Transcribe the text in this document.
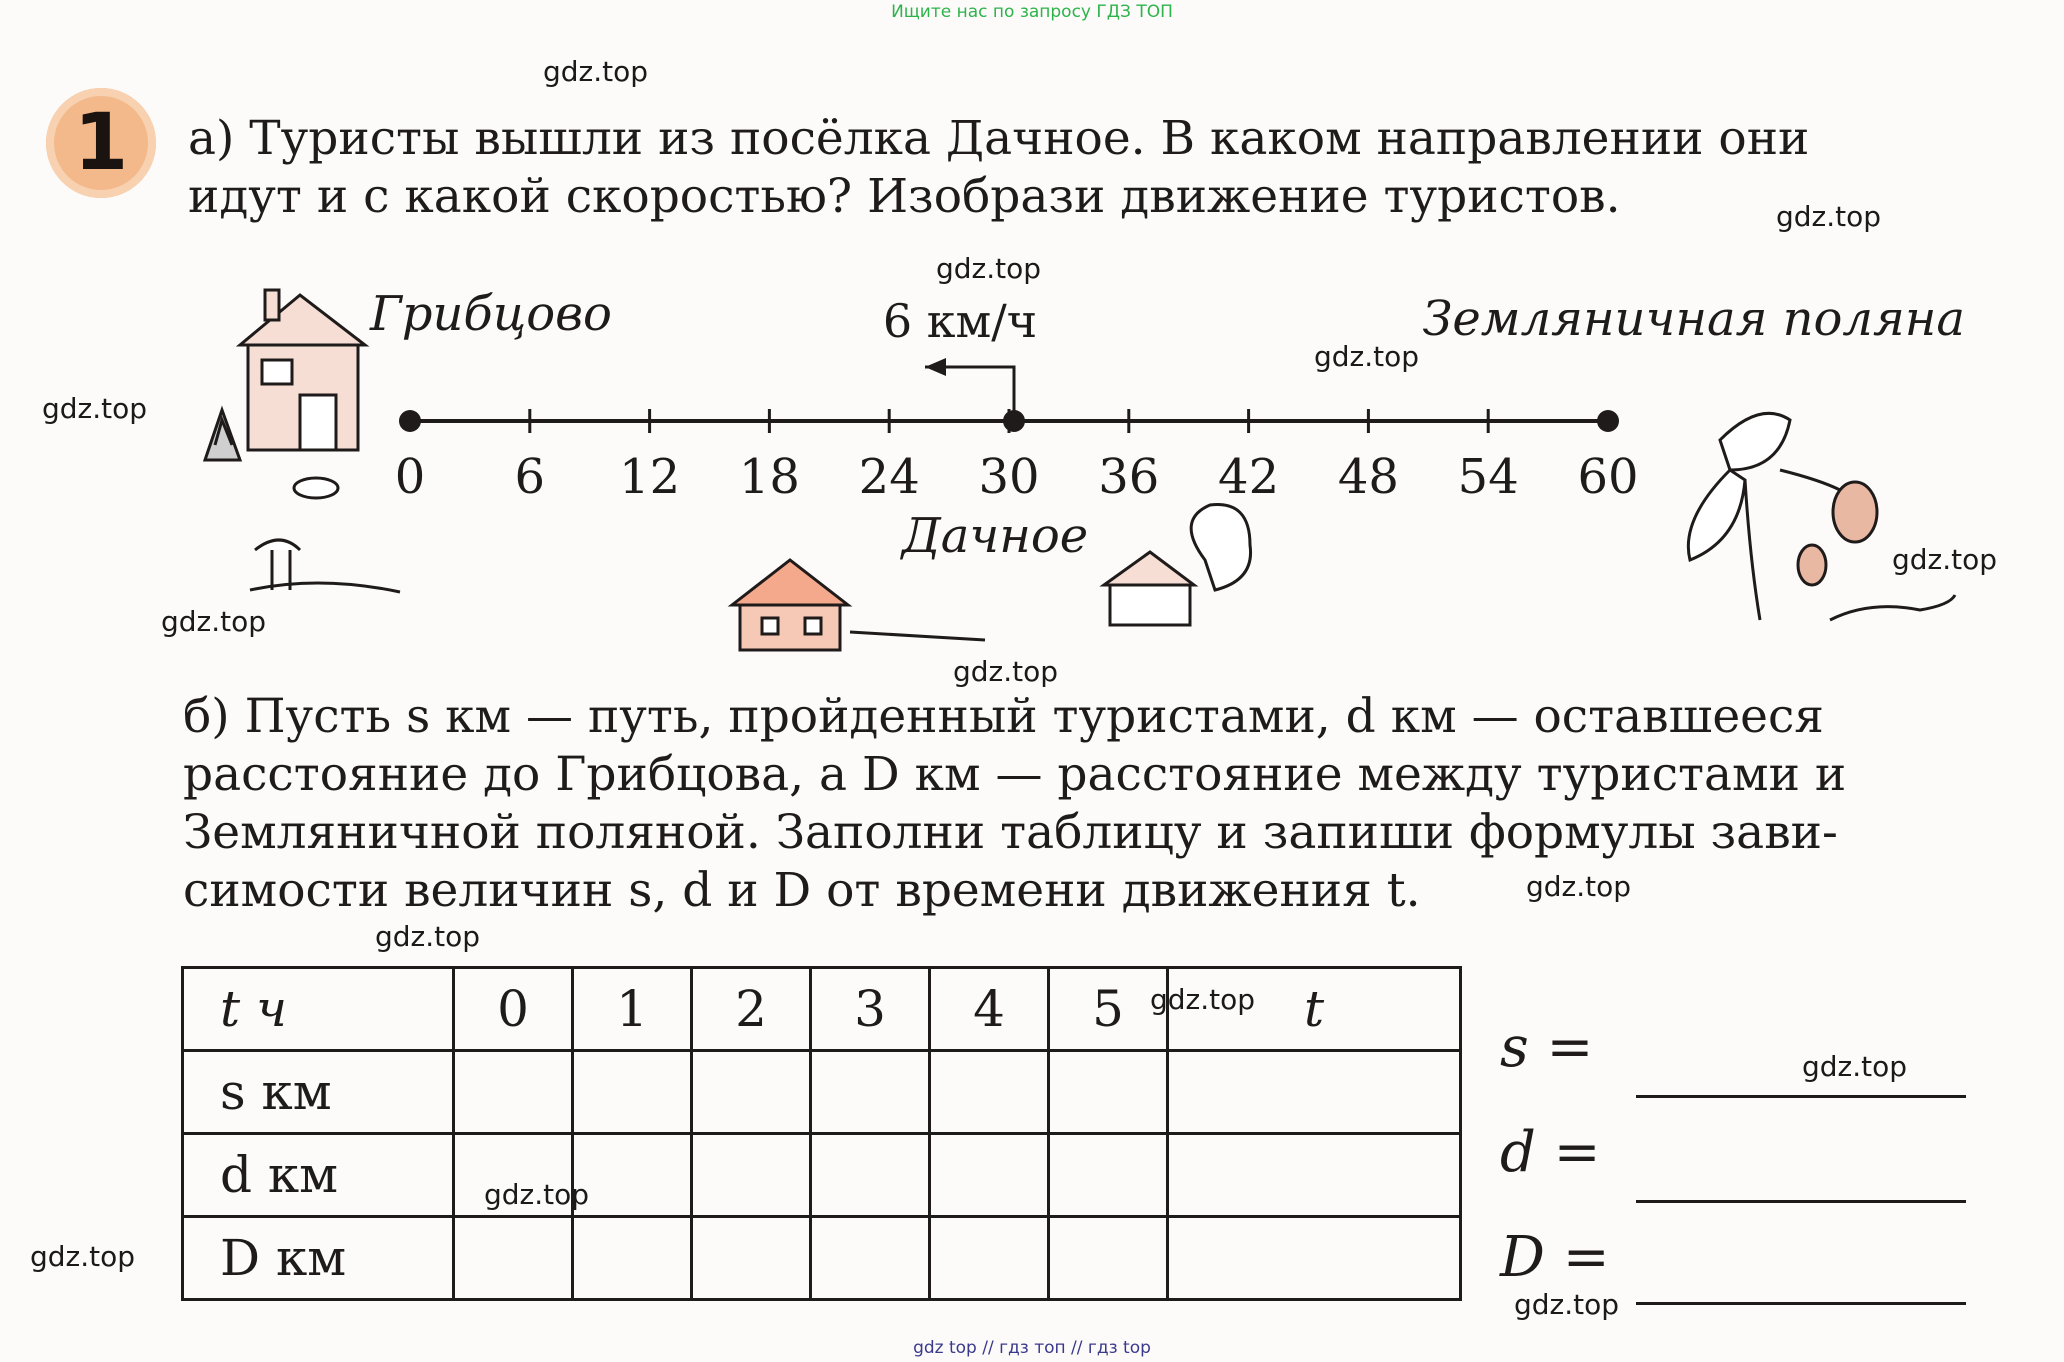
Ищите нас по запросу ГДЗ ТОП
1	а) Туристы вышли из посёлка Дачное. В каком направлении они
идут и с какой скоростью? Изобрази движение туристов.
0 6 12 18 24 30 36 42 48 54 60
Грибцово	Земляничная поляна
Дачное
6 км/ч
б) Пусть s км — путь, пройденный туристами, d км — оставшееся
расстояние до Грибцова, а D км — расстояние между туристами и
Земляничной поляной. Заполни таблицу и запиши формулы зави-
симости величин s, d и D от времени движения t.
t ч	0	1	2	3	4	5	t
s км							
d км							
D км							
s =
d =
D =
gdz.top
gdz.top
gdz.top
gdz.top
gdz.top
gdz.top
gdz.top
gdz.top
gdz.top
gdz.top
gdz.top
gdz.top
gdz.top
gdz.top
gdz.top
gdz top // гдз топ // гдз top
